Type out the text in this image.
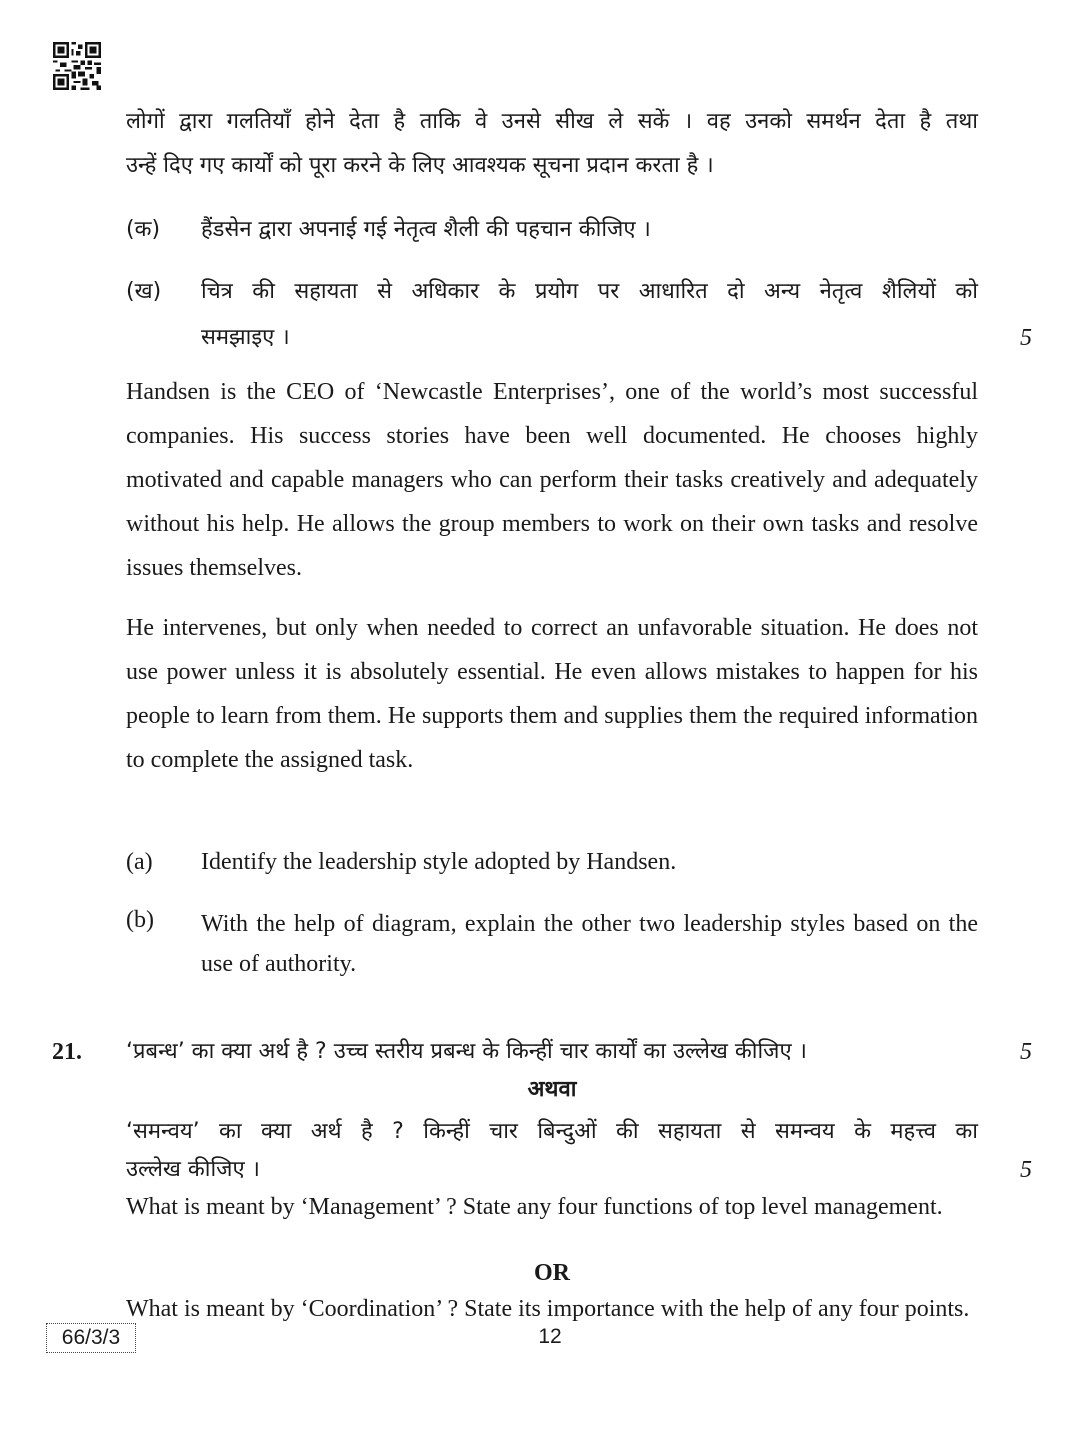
लोगों द्वारा गलतियाँ होने देता है ताकि वे उनसे सीख ले सकें । वह उनको समर्थन देता है तथा
उन्हें दिए गए कार्यों को पूरा करने के लिए आवश्यक सूचना प्रदान करता है ।
(क) हैंडसेन द्वारा अपनाई गई नेतृत्व शैली की पहचान कीजिए ।
(ख) चित्र की सहायता से अधिकार के प्रयोग पर आधारित दो अन्य नेतृत्व शैलियों को
समझाइए ।	5

Handsen is the CEO of ‘Newcastle Enterprises’, one of the world’s most successful companies. His success stories have been well documented. He chooses highly motivated and capable managers who can perform their tasks creatively and adequately without his help. He allows the group members to work on their own tasks and resolve issues themselves.

He intervenes, but only when needed to correct an unfavorable situation. He does not use power unless it is absolutely essential. He even allows mistakes to happen for his people to learn from them. He supports them and supplies them the required information to complete the assigned task.

(a) Identify the leadership style adopted by Handsen.
(b) With the help of diagram, explain the other two leadership styles based on the use of authority.

21. ‘प्रबन्ध’ का क्या अर्थ है ? उच्च स्तरीय प्रबन्ध के किन्हीं चार कार्यों का उल्लेख कीजिए ।	5
अथवा
‘समन्वय’ का क्या अर्थ है ? किन्हीं चार बिन्दुओं की सहायता से समन्वय के महत्त्व का
उल्लेख कीजिए ।	5

What is meant by ‘Management’ ? State any four functions of top level management.

OR

What is meant by ‘Coordination’ ? State its importance with the help of any four points.

66/3/3	12
